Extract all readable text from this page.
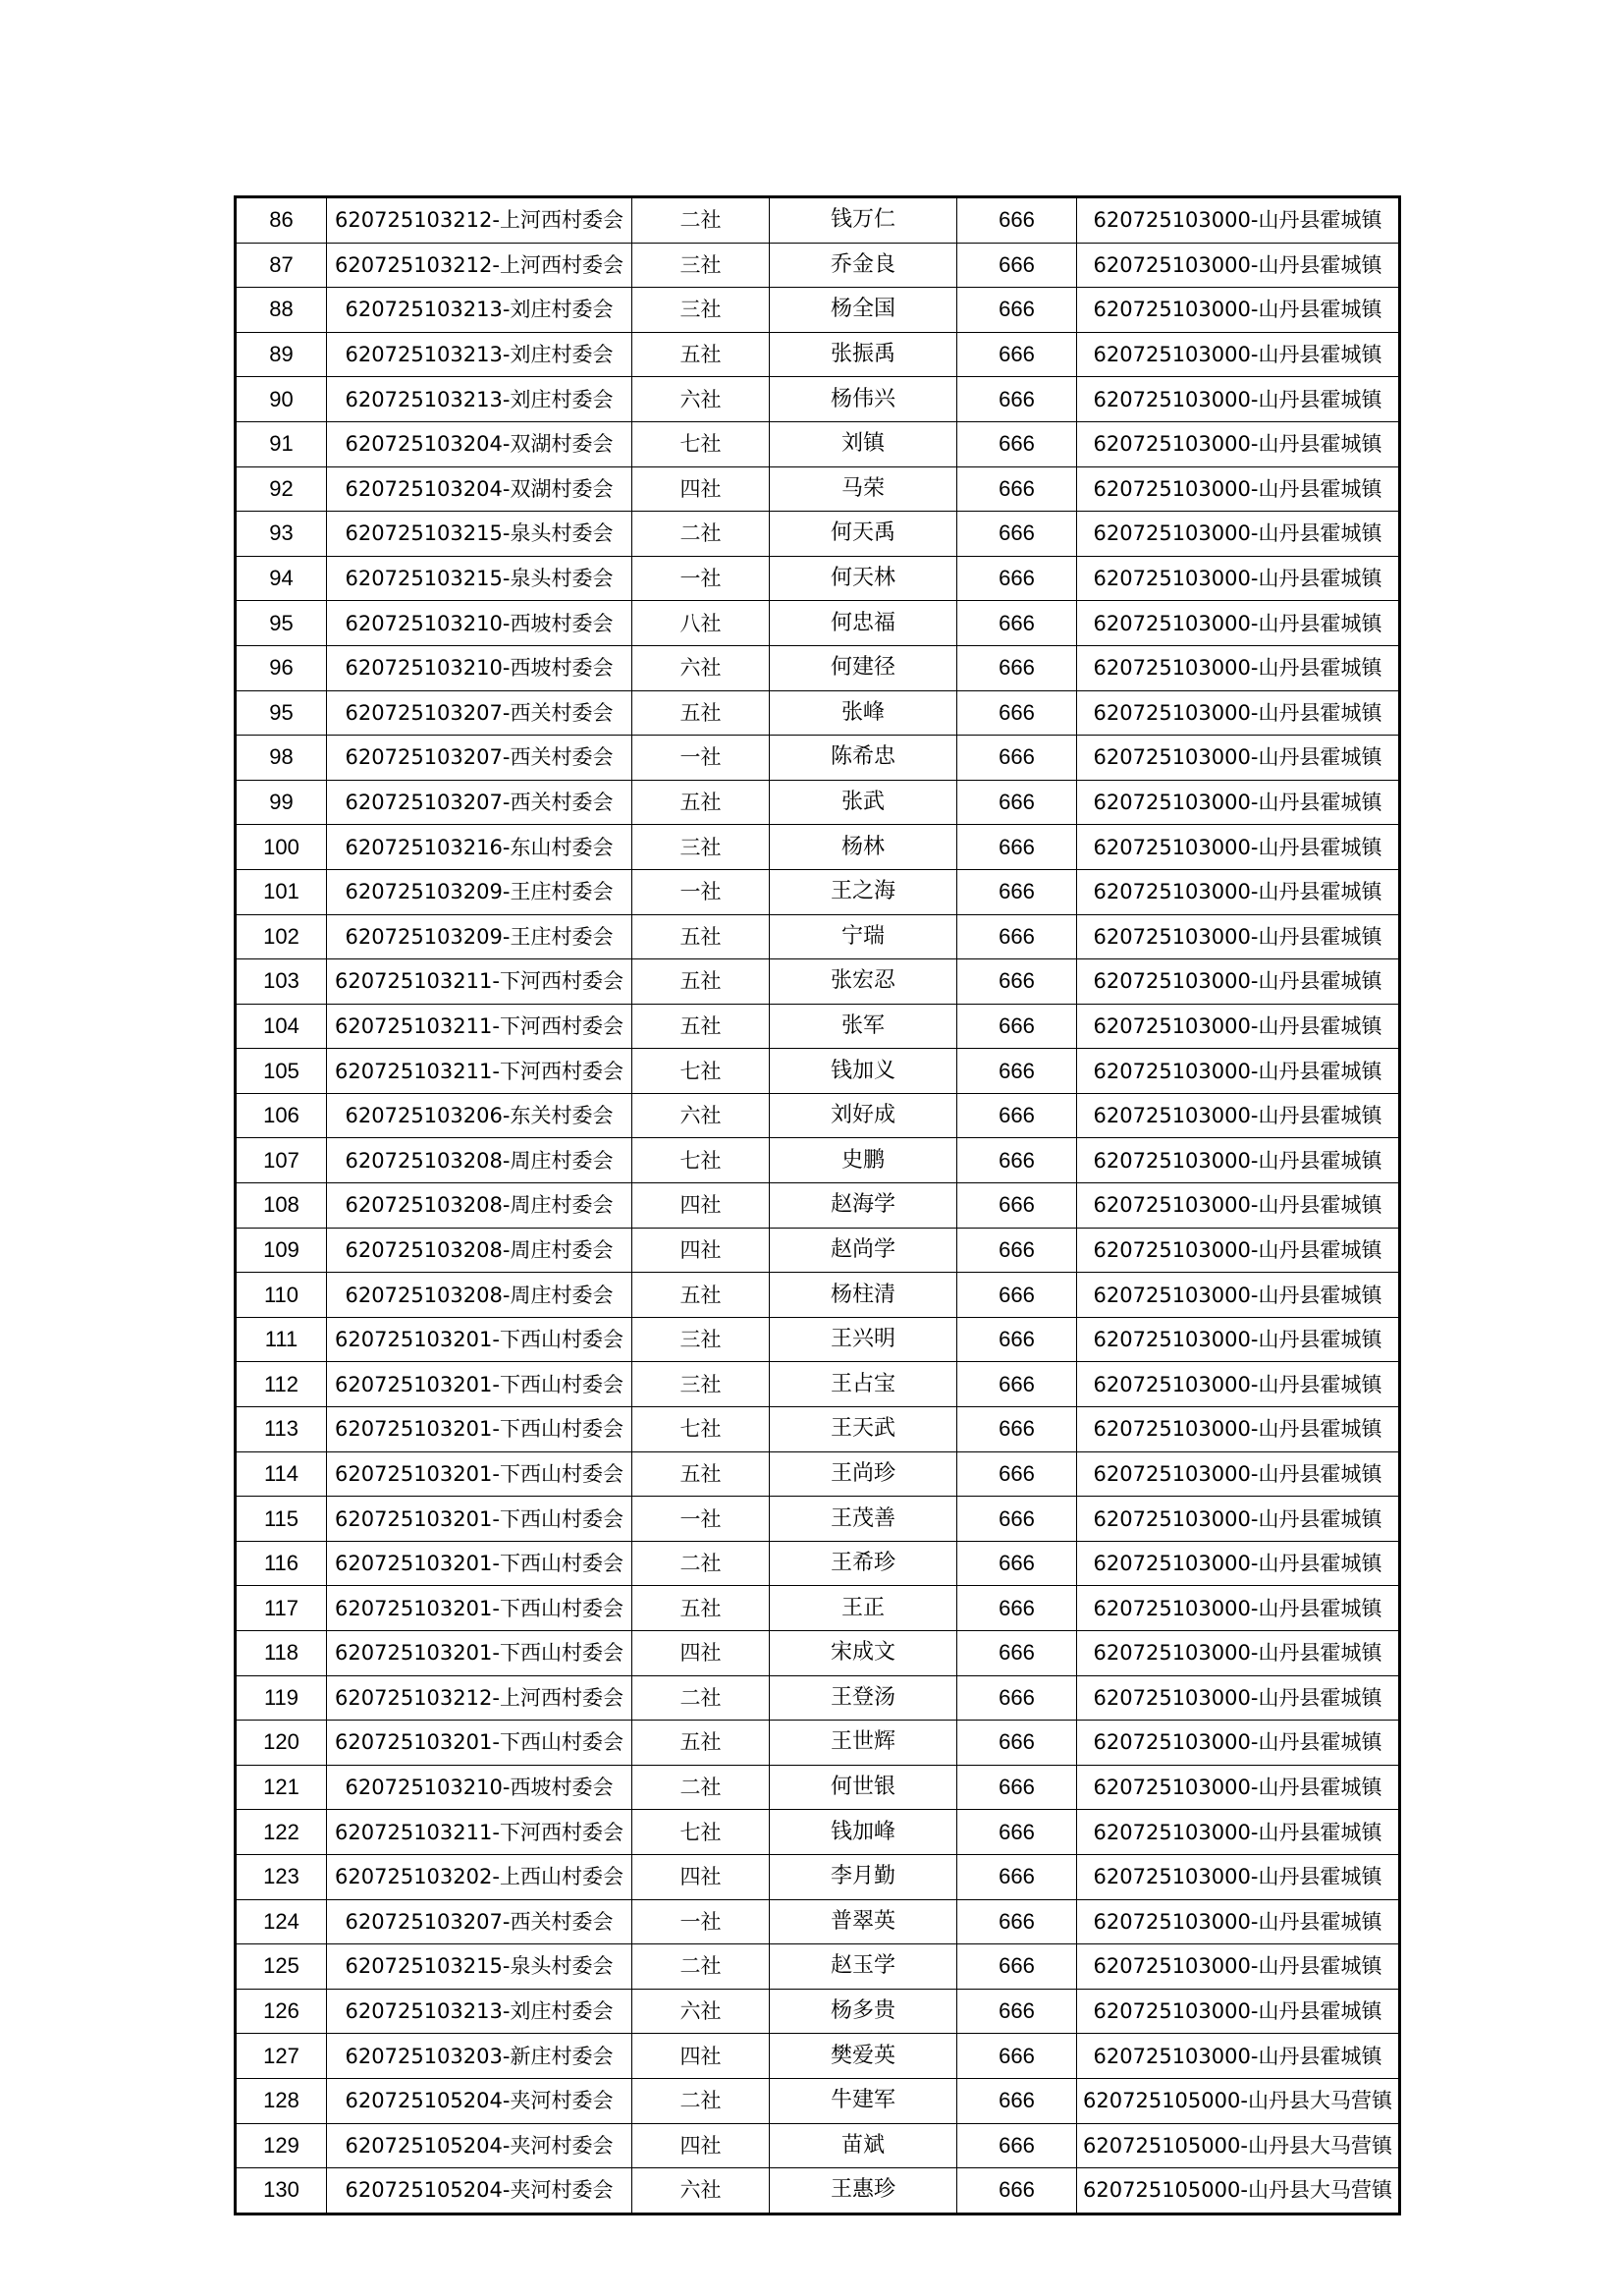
86	620725103212-上河西村委会	二社	钱万仁	666	620725103000-山丹县霍城镇
87	620725103212-上河西村委会	三社	乔金良	666	620725103000-山丹县霍城镇
88	620725103213-刘庄村委会	三社	杨全国	666	620725103000-山丹县霍城镇
89	620725103213-刘庄村委会	五社	张振禹	666	620725103000-山丹县霍城镇
90	620725103213-刘庄村委会	六社	杨伟兴	666	620725103000-山丹县霍城镇
91	620725103204-双湖村委会	七社	刘镇	666	620725103000-山丹县霍城镇
92	620725103204-双湖村委会	四社	马荣	666	620725103000-山丹县霍城镇
93	620725103215-泉头村委会	二社	何天禹	666	620725103000-山丹县霍城镇
94	620725103215-泉头村委会	一社	何天林	666	620725103000-山丹县霍城镇
95	620725103210-西坡村委会	八社	何忠福	666	620725103000-山丹县霍城镇
96	620725103210-西坡村委会	六社	何建径	666	620725103000-山丹县霍城镇
95	620725103207-西关村委会	五社	张峰	666	620725103000-山丹县霍城镇
98	620725103207-西关村委会	一社	陈希忠	666	620725103000-山丹县霍城镇
99	620725103207-西关村委会	五社	张武	666	620725103000-山丹县霍城镇
100	620725103216-东山村委会	三社	杨林	666	620725103000-山丹县霍城镇
101	620725103209-王庄村委会	一社	王之海	666	620725103000-山丹县霍城镇
102	620725103209-王庄村委会	五社	宁瑞	666	620725103000-山丹县霍城镇
103	620725103211-下河西村委会	五社	张宏忍	666	620725103000-山丹县霍城镇
104	620725103211-下河西村委会	五社	张军	666	620725103000-山丹县霍城镇
105	620725103211-下河西村委会	七社	钱加义	666	620725103000-山丹县霍城镇
106	620725103206-东关村委会	六社	刘好成	666	620725103000-山丹县霍城镇
107	620725103208-周庄村委会	七社	史鹏	666	620725103000-山丹县霍城镇
108	620725103208-周庄村委会	四社	赵海学	666	620725103000-山丹县霍城镇
109	620725103208-周庄村委会	四社	赵尚学	666	620725103000-山丹县霍城镇
110	620725103208-周庄村委会	五社	杨柱清	666	620725103000-山丹县霍城镇
111	620725103201-下西山村委会	三社	王兴明	666	620725103000-山丹县霍城镇
112	620725103201-下西山村委会	三社	王占宝	666	620725103000-山丹县霍城镇
113	620725103201-下西山村委会	七社	王天武	666	620725103000-山丹县霍城镇
114	620725103201-下西山村委会	五社	王尚珍	666	620725103000-山丹县霍城镇
115	620725103201-下西山村委会	一社	王茂善	666	620725103000-山丹县霍城镇
116	620725103201-下西山村委会	二社	王希珍	666	620725103000-山丹县霍城镇
117	620725103201-下西山村委会	五社	王正	666	620725103000-山丹县霍城镇
118	620725103201-下西山村委会	四社	宋成文	666	620725103000-山丹县霍城镇
119	620725103212-上河西村委会	二社	王登汤	666	620725103000-山丹县霍城镇
120	620725103201-下西山村委会	五社	王世辉	666	620725103000-山丹县霍城镇
121	620725103210-西坡村委会	二社	何世银	666	620725103000-山丹县霍城镇
122	620725103211-下河西村委会	七社	钱加峰	666	620725103000-山丹县霍城镇
123	620725103202-上西山村委会	四社	李月勤	666	620725103000-山丹县霍城镇
124	620725103207-西关村委会	一社	普翠英	666	620725103000-山丹县霍城镇
125	620725103215-泉头村委会	二社	赵玉学	666	620725103000-山丹县霍城镇
126	620725103213-刘庄村委会	六社	杨多贵	666	620725103000-山丹县霍城镇
127	620725103203-新庄村委会	四社	樊爱英	666	620725103000-山丹县霍城镇
128	620725105204-夹河村委会	二社	牛建军	666	620725105000-山丹县大马营镇
129	620725105204-夹河村委会	四社	苗斌	666	620725105000-山丹县大马营镇
130	620725105204-夹河村委会	六社	王惠珍	666	620725105000-山丹县大马营镇
